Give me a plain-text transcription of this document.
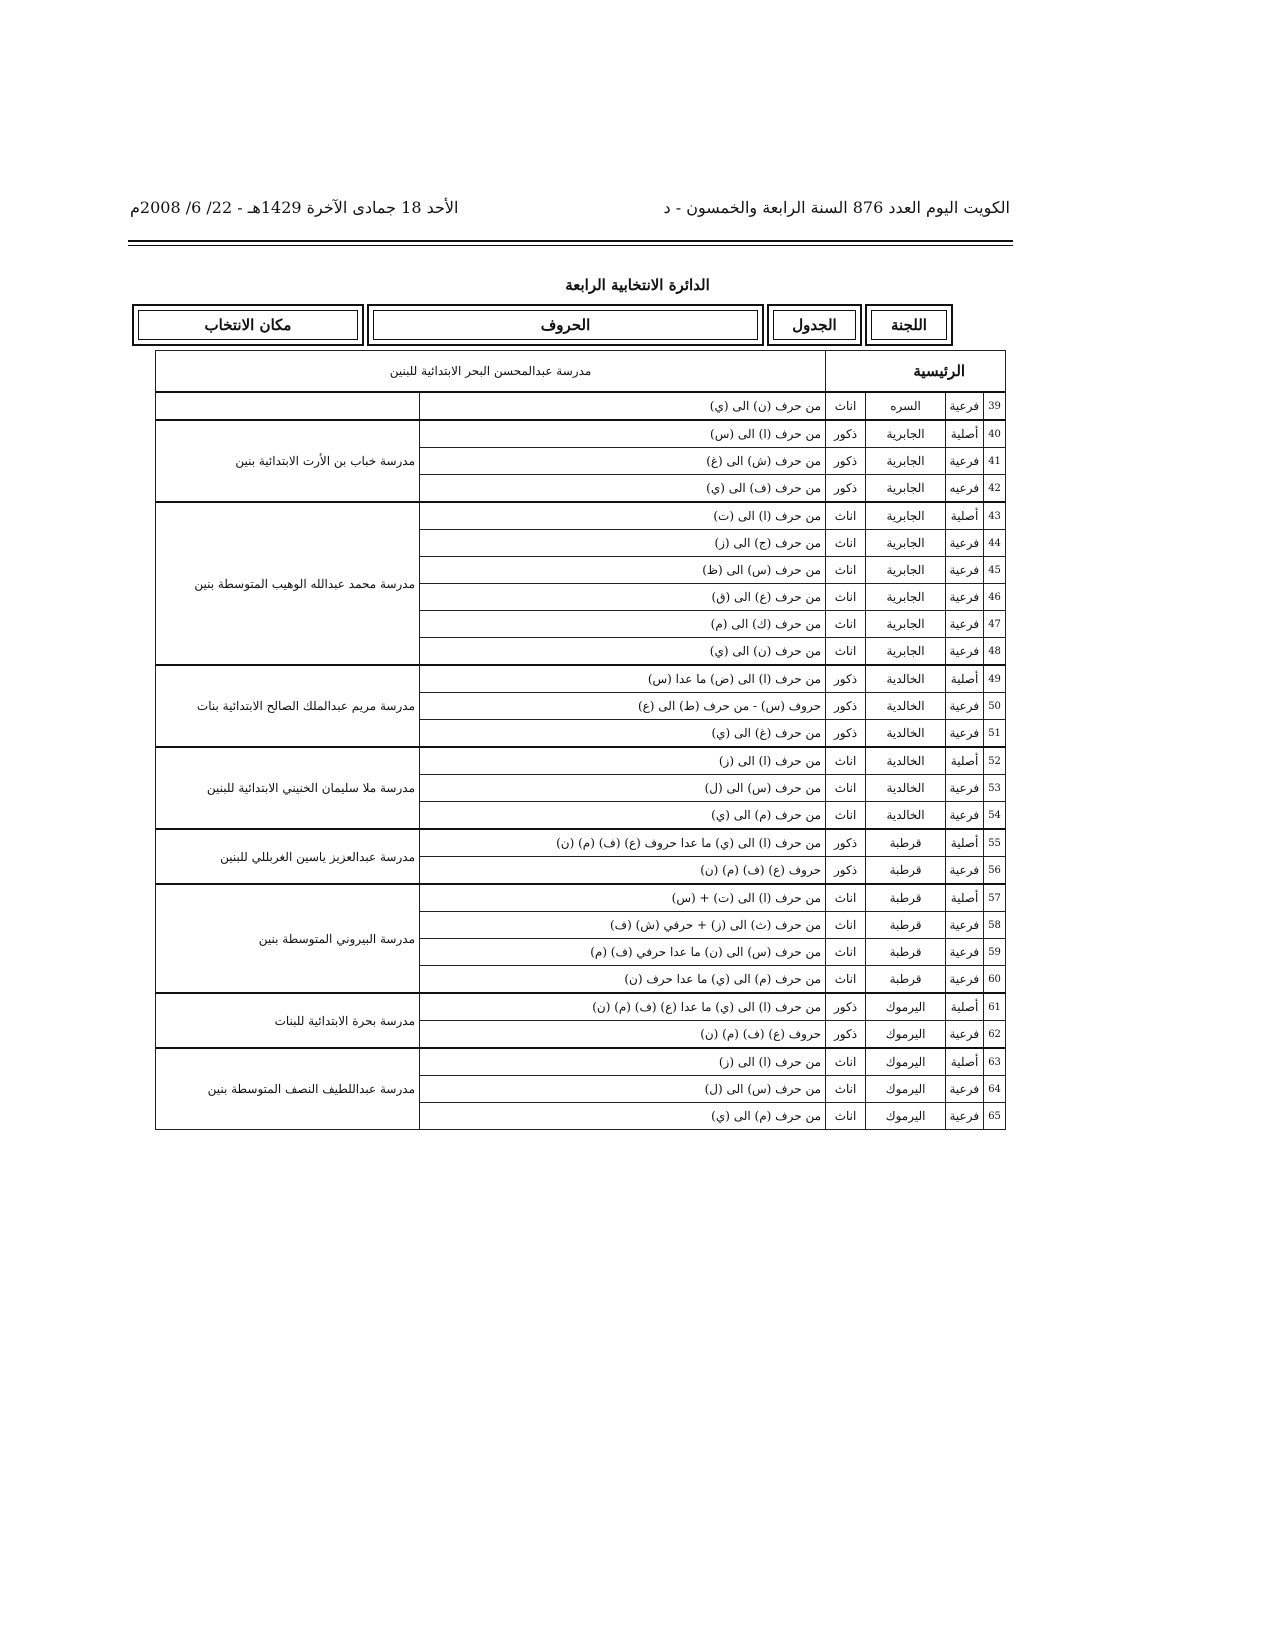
الكويت اليوم العدد 876 السنة الرابعة والخمسون - د
الأحد 18 جمادى الآخرة 1429هـ - 22/ 6/ 2008م
الدائرة الانتخابية الرابعة
اللجنة
الجدول
الحروف
مكان الانتخاب
الرئيسية				مدرسة عبدالمحسن البحر الابتدائية للبنين	
39	فرعية	السره	اناث	من حرف (ن) الى (ي)	
40	أصلية	الجابرية	ذكور	من حرف (ا) الى (س)	مدرسة خباب بن الأرت الابتدائية بنين
41	فرعية	الجابرية	ذكور	من حرف (ش) الى (غ)	
42	فرعيه	الجابرية	ذكور	من حرف (ف) الى (ي)	
43	أصلية	الجابرية	اناث	من حرف (ا) الى (ت)	مدرسة محمد عبدالله الوهيب المتوسطة بنين
44	فرعية	الجابرية	اناث	من حرف (ج) الى (ز)	
45	فرعية	الجابرية	اناث	من حرف (س) الى (ظ)	
46	فرعية	الجابرية	اناث	من حرف (ع) الى (ق)	
47	فرعية	الجابرية	اناث	من حرف (ك) الى (م)	
48	فرعية	الجابرية	اناث	من حرف (ن) الى (ي)	
49	أصلية	الخالدية	ذكور	من حرف (ا) الى (ض) ما عدا (س)	مدرسة مريم عبدالملك الصالح الابتدائية بنات
50	فرعية	الخالدية	ذكور	حروف (س) - من حرف (ط) الى (ع)	
51	فرعية	الخالدية	ذكور	من حرف (غ) الى (ي)	
52	أصلية	الخالدية	اناث	من حرف (ا) الى (ز)	مدرسة ملا سليمان الخنيني الابتدائية للبنين
53	فرعية	الخالدية	اناث	من حرف (س) الى (ل)	
54	فرعية	الخالدية	اناث	من حرف (م) الى (ي)	
55	أصلية	قرطبة	ذكور	من حرف (ا) الى (ي) ما عدا حروف (ع) (ف) (م) (ن)	مدرسة عبدالعزيز ياسين الغربللي للبنين
56	فرعية	قرطبة	ذكور	حروف (ع) (ف) (م) (ن)	
57	أصلية	قرطبة	اناث	من حرف (ا) الى (ت) + (س)	مدرسة البيروني المتوسطة بنين
58	فرعية	قرطبة	اناث	من حرف (ث) الى (ز) + حرفي (ش) (ف)	
59	فرعية	قرطبة	اناث	من حرف (س) الى (ن) ما عدا حرفي (ف) (م)	
60	فرعية	قرطبة	اناث	من حرف (م) الى (ي) ما عدا حرف (ن)	
61	أصلية	اليرموك	ذكور	من حرف (ا) الى (ي) ما عدا (ع) (ف) (م) (ن)	مدرسة بحرة الابتدائية للبنات
62	فرعية	اليرموك	ذكور	حروف (ع) (ف) (م) (ن)	
63	أصلية	اليرموك	اناث	من حرف (ا) الى (ز)	مدرسة عبداللطيف النصف المتوسطة بنين
64	فرعية	اليرموك	اناث	من حرف (س) الى (ل)	
65	فرعية	اليرموك	اناث	من حرف (م) الى (ي)	
